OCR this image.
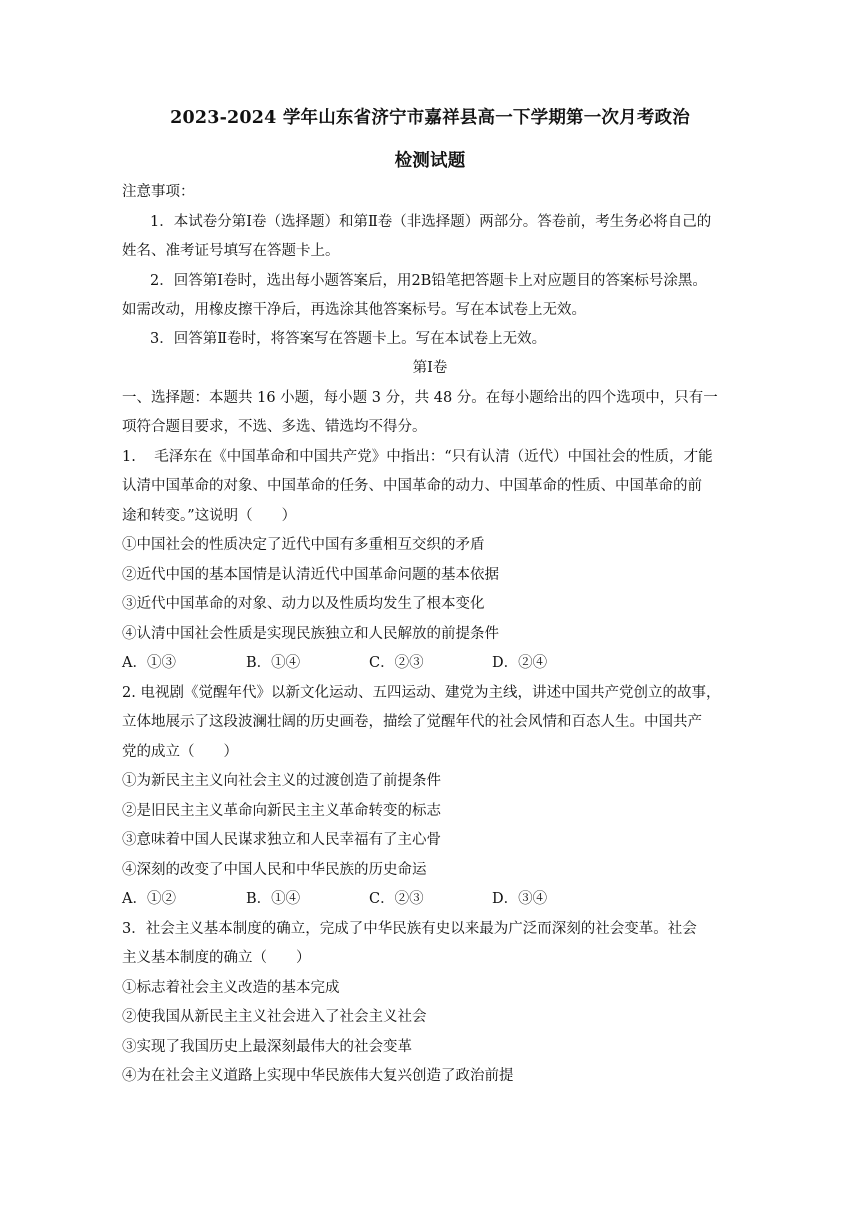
2023-2024 学年山东省济宁市嘉祥县高一下学期第一次月考政治
检测试题
注意事项：
1．本试卷分第Ⅰ卷（选择题）和第Ⅱ卷（非选择题）两部分。答卷前，考生务必将自己的
姓名、准考证号填写在答题卡上。
2．回答第Ⅰ卷时，选出每小题答案后，用2B铅笔把答题卡上对应题目的答案标号涂黑。
如需改动，用橡皮擦干净后，再选涂其他答案标号。写在本试卷上无效。
3．回答第Ⅱ卷时，将答案写在答题卡上。写在本试卷上无效。
第Ⅰ卷
一、选择题：本题共 16 小题，每小题 3 分，共 48 分。在每小题给出的四个选项中，只有一
项符合题目要求，不选、多选、错选均不得分。
1.    毛泽东在《中国革命和中国共产党》中指出：“只有认清（近代）中国社会的性质，才能
认清中国革命的对象、中国革命的任务、中国革命的动力、中国革命的性质、中国革命的前
途和转变。”这说明（　　）
①中国社会的性质决定了近代中国有多重相互交织的矛盾
②近代中国的基本国情是认清近代中国革命问题的基本依据
③近代中国革命的对象、动力以及性质均发生了根本变化
④认清中国社会性质是实现民族独立和人民解放的前提条件
A．①③	B．①④	C．②③	D．②④
2. 电视剧《觉醒年代》以新文化运动、五四运动、建党为主线，讲述中国共产党创立的故事，
立体地展示了这段波澜壮阔的历史画卷，描绘了觉醒年代的社会风情和百态人生。中国共产
党的成立（　　）
①为新民主主义向社会主义的过渡创造了前提条件
②是旧民主主义革命向新民主主义革命转变的标志
③意味着中国人民谋求独立和人民幸福有了主心骨
④深刻的改变了中国人民和中华民族的历史命运
A．①②	B．①④	C．②③	D．③④
3．社会主义基本制度的确立，完成了中华民族有史以来最为广泛而深刻的社会变革。社会
主义基本制度的确立（　　）
①标志着社会主义改造的基本完成
②使我国从新民主主义社会进入了社会主义社会
③实现了我国历史上最深刻最伟大的社会变革
④为在社会主义道路上实现中华民族伟大复兴创造了政治前提
